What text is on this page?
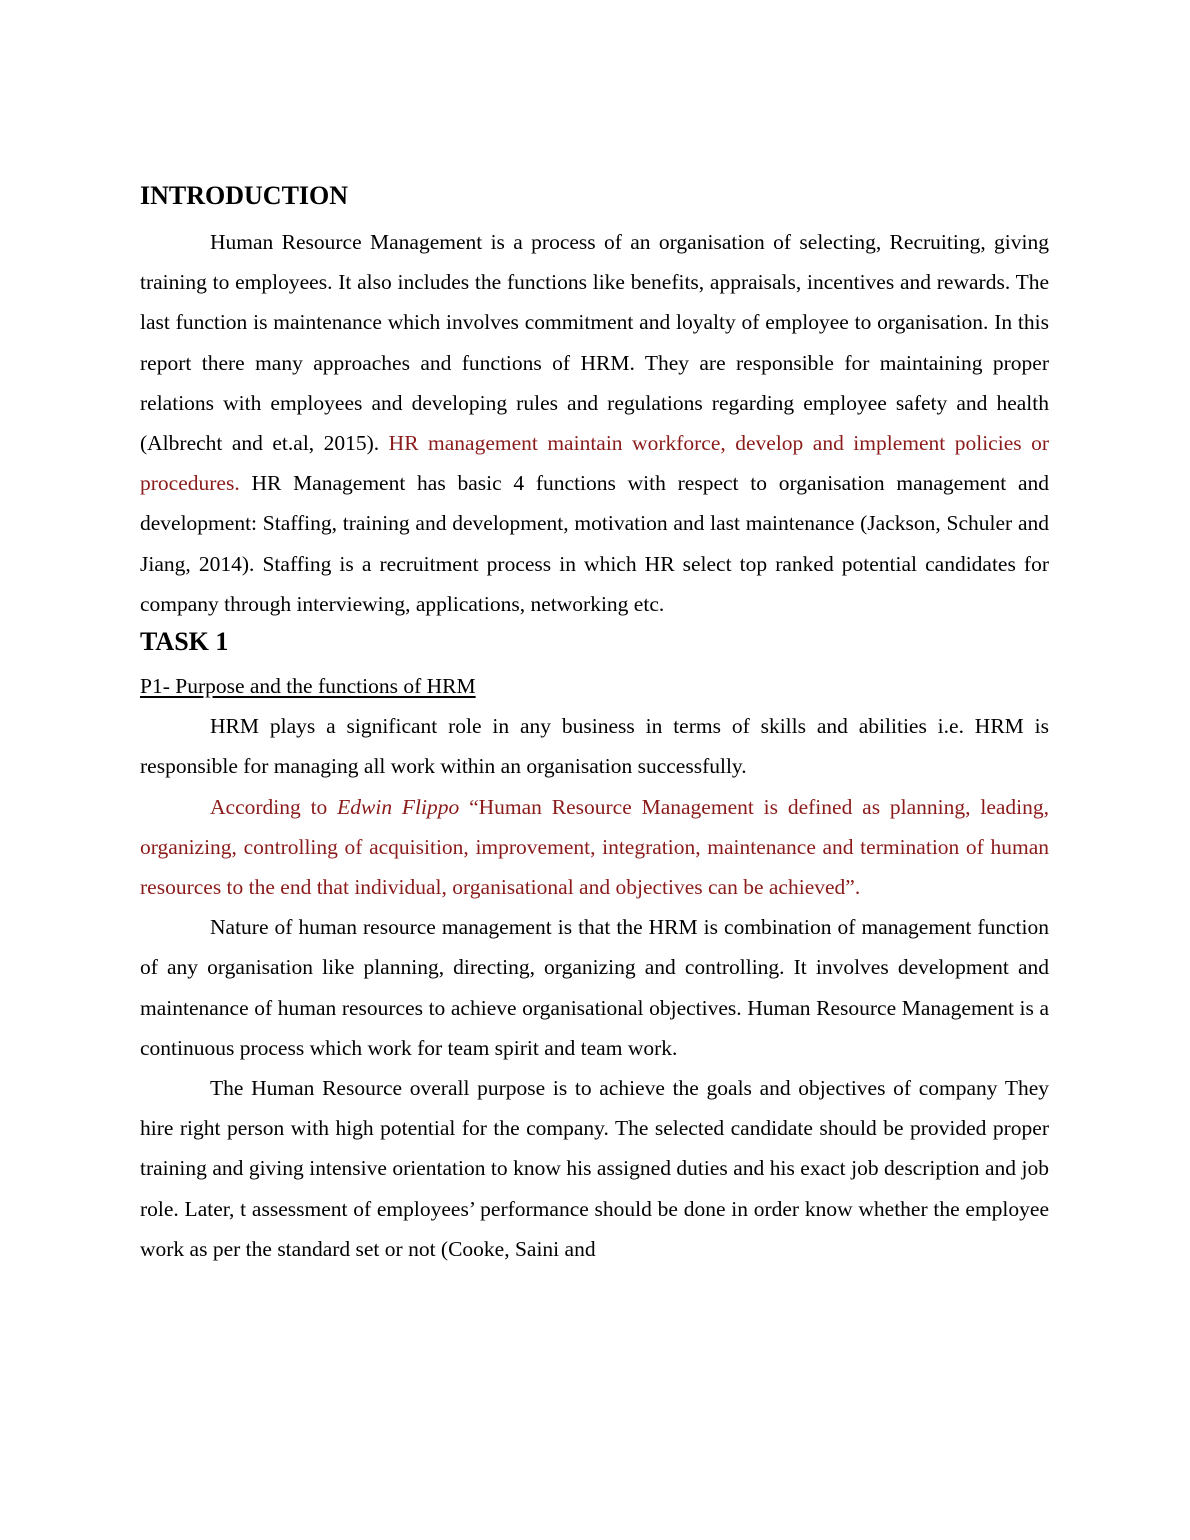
INTRODUCTION

Human Resource Management is a process of an organisation of selecting, Recruiting, giving training to employees. It also includes the functions like benefits, appraisals, incentives and rewards. The last function is maintenance which involves commitment and loyalty of employee to organisation. In this report there many approaches and functions of HRM. They are responsible for maintaining proper relations with employees and developing rules and regulations regarding employee safety and health (Albrecht and et.al, 2015). HR management maintain workforce, develop and implement policies or procedures. HR Management has basic 4 functions with respect to organisation management and development: Staffing, training and development, motivation and last maintenance (Jackson, Schuler and Jiang, 2014). Staffing is a recruitment process in which HR select top ranked potential candidates for company through interviewing, applications, networking etc.

TASK 1

P1- Purpose and the functions of HRM

HRM plays a significant role in any business in terms of skills and abilities i.e. HRM is responsible for managing all work within an organisation successfully.

According to Edwin Flippo “Human Resource Management is defined as planning, leading, organizing, controlling of acquisition, improvement, integration, maintenance and termination of human resources to the end that individual, organisational and objectives can be achieved”.

Nature of human resource management is that the HRM is combination of management function of any organisation like planning, directing, organizing and controlling. It involves development and maintenance of human resources to achieve organisational objectives. Human Resource Management is a continuous process which work for team spirit and team work.

The Human Resource overall purpose is to achieve the goals and objectives of company They hire right person with high potential for the company. The selected candidate should be provided proper training and giving intensive orientation to know his assigned duties and his exact job description and job role. Later, t assessment of employees’ performance should be done in order know whether the employee work as per the standard set or not (Cooke, Saini and
